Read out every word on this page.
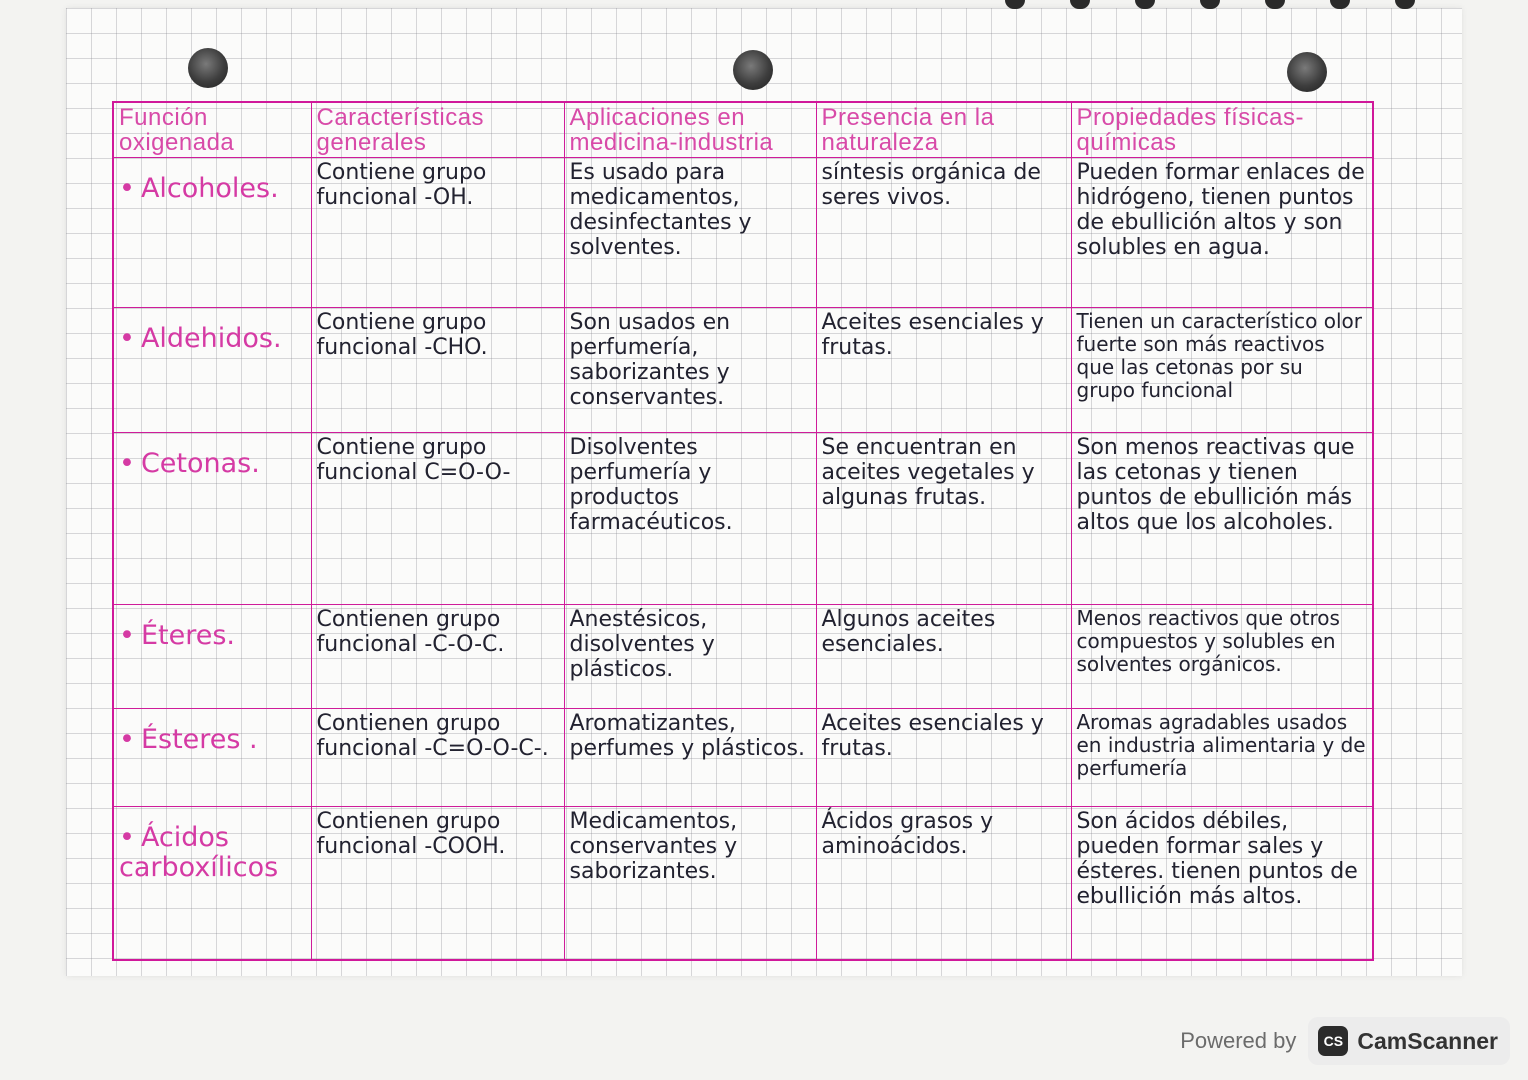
Función oxigenada	Características generales	Aplicaciones en medicina-industria	Presencia en la naturaleza	Propiedades físicas-químicas
• Alcoholes.	Contiene grupo funcional -OH.	Es usado para medicamentos, desinfectantes y solventes.	síntesis orgánica de seres vivos.	Pueden formar enlaces de hidrógeno, tienen puntos de ebullición altos y son solubles en agua.

• Aldehidos.	Contiene grupo funcional -CHO.	Son usados en perfumería, saborizantes y conservantes.	Aceites esenciales y frutas.	Tienen un característico olor fuerte son más reactivos que las cetonas por su grupo funcional

• Cetonas.	Contiene grupo funcional C=O-O-	Disolventes perfumería y productos farmacéuticos.	Se encuentran en aceites vegetales y algunas frutas.	Son menos reactivas que las cetonas y tienen puntos de ebullición más altos que los alcoholes.

• Éteres.	Contienen grupo funcional -C-O-C.	Anestésicos, disolventes y plásticos.	Algunos aceites esenciales.	Menos reactivos que otros compuestos y solubles en solventes orgánicos.

• Ésteres .	Contienen grupo funcional -C=O-O-C-.	Aromatizantes, perfumes y plásticos.	Aceites esenciales y frutas.	Aromas agradables usados en industria alimentaria y de perfumería

• Ácidos carboxílicos	Contienen grupo funcional -COOH.	Medicamentos, conservantes y saborizantes.	Ácidos grasos y aminoácidos.	Son ácidos débiles, pueden formar sales y ésteres. tienen puntos de ebullición más altos.
Powered by	CS CamScanner
